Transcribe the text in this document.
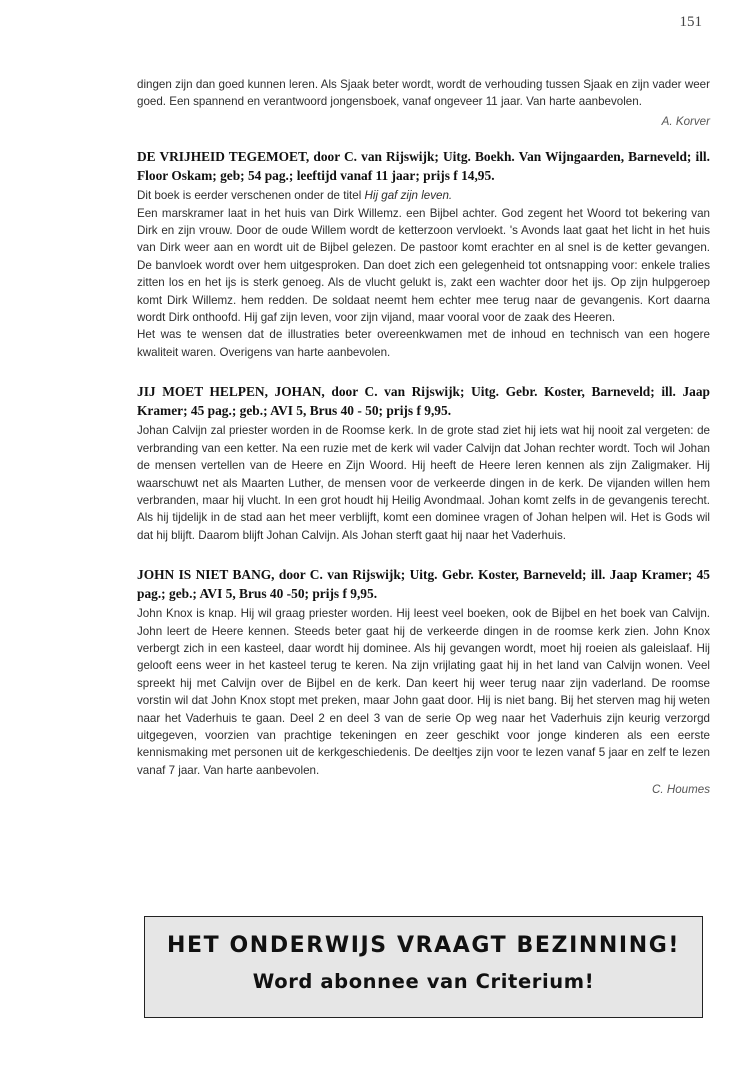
151

dingen zijn dan goed kunnen leren. Als Sjaak beter wordt, wordt de verhouding tussen Sjaak en zijn vader weer goed. Een spannend en verantwoord jongensboek, vanaf ongeveer 11 jaar. Van harte aanbevolen.

A. Korver
DE VRIJHEID TEGEMOET, door C. van Rijswijk; Uitg. Boekh. Van Wijngaarden, Barneveld; ill. Floor Oskam; geb; 54 pag.; leeftijd vanaf 11 jaar; prijs f 14,95.

Dit boek is eerder verschenen onder de titel Hij gaf zijn leven.

Een marskramer laat in het huis van Dirk Willemz. een Bijbel achter. God zegent het Woord tot bekering van Dirk en zijn vrouw. Door de oude Willem wordt de ketterzoon vervloekt. 's Avonds laat gaat het licht in het huis van Dirk weer aan en wordt uit de Bijbel gelezen. De pastoor komt erachter en al snel is de ketter gevangen. De banvloek wordt over hem uitgesproken. Dan doet zich een gelegenheid tot ontsnapping voor: enkele tralies zitten los en het ijs is sterk genoeg. Als de vlucht gelukt is, zakt een wachter door het ijs. Op zijn hulpgeroep komt Dirk Willemz. hem redden. De soldaat neemt hem echter mee terug naar de gevangenis. Kort daarna wordt Dirk onthoofd. Hij gaf zijn leven, voor zijn vijand, maar vooral voor de zaak des Heeren.

Het was te wensen dat de illustraties beter overeenkwamen met de inhoud en technisch van een hogere kwaliteit waren. Overigens van harte aanbevolen.

JIJ MOET HELPEN, JOHAN, door C. van Rijswijk; Uitg. Gebr. Koster, Barneveld; ill. Jaap Kramer; 45 pag.; geb.; AVI 5, Brus 40 - 50; prijs f 9,95.

Johan Calvijn zal priester worden in de Roomse kerk. In de grote stad ziet hij iets wat hij nooit zal vergeten: de verbranding van een ketter. Na een ruzie met de kerk wil vader Calvijn dat Johan rechter wordt. Toch wil Johan de mensen vertellen van de Heere en Zijn Woord. Hij heeft de Heere leren kennen als zijn Zaligmaker. Hij waarschuwt net als Maarten Luther, de mensen voor de verkeerde dingen in de kerk. De vijanden willen hem verbranden, maar hij vlucht. In een grot houdt hij Heilig Avondmaal. Johan komt zelfs in de gevangenis terecht. Als hij tijdelijk in de stad aan het meer verblijft, komt een dominee vragen of Johan helpen wil. Het is Gods wil dat hij blijft. Daarom blijft Johan Calvijn. Als Johan sterft gaat hij naar het Vaderhuis.

JOHN IS NIET BANG, door C. van Rijswijk; Uitg. Gebr. Koster, Barneveld; ill. Jaap Kramer; 45 pag.; geb.; AVI 5, Brus 40 -50; prijs f 9,95.

John Knox is knap. Hij wil graag priester worden. Hij leest veel boeken, ook de Bijbel en het boek van Calvijn. John leert de Heere kennen. Steeds beter gaat hij de verkeerde dingen in de roomse kerk zien. John Knox verbergt zich in een kasteel, daar wordt hij dominee. Als hij gevangen wordt, moet hij roeien als galeislaaf. Hij gelooft eens weer in het kasteel terug te keren. Na zijn vrijlating gaat hij in het land van Calvijn wonen. Veel spreekt hij met Calvijn over de Bijbel en de kerk. Dan keert hij weer terug naar zijn vaderland. De roomse vorstin wil dat John Knox stopt met preken, maar John gaat door. Hij is niet bang. Bij het sterven mag hij weten naar het Vaderhuis te gaan. Deel 2 en deel 3 van de serie Op weg naar het Vaderhuis zijn keurig verzorgd uitgegeven, voorzien van prachtige tekeningen en zeer geschikt voor jonge kinderen als een eerste kennismaking met personen uit de kerkgeschiedenis. De deeltjes zijn voor te lezen vanaf 5 jaar en zelf te lezen vanaf 7 jaar. Van harte aanbevolen.

C. Houmes
HET ONDERWIJS VRAAGT BEZINNING!
Word abonnee van Criterium!
